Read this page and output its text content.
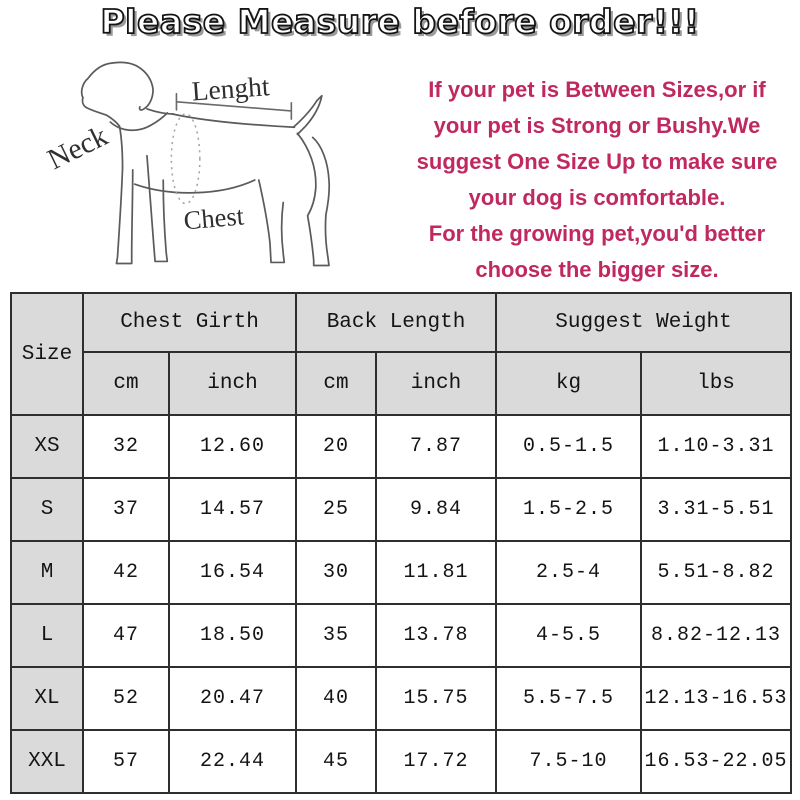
Please Measure before order!!!
Neck
Lenght
Chest
If your pet is Between Sizes,or if
your pet is Strong or Bushy.We
suggest One Size Up to make sure
your dog is comfortable.
For the growing pet,you'd better
choose the bigger size.
Size	Chest Girth		Back Length		Suggest Weight	
	cm	inch	cm	inch	kg	lbs
XS	32	12.60	20	7.87	0.5-1.5	1.10-3.31
S	37	14.57	25	9.84	1.5-2.5	3.31-5.51
M	42	16.54	30	11.81	2.5-4	5.51-8.82
L	47	18.50	35	13.78	4-5.5	8.82-12.13
XL	52	20.47	40	15.75	5.5-7.5	12.13-16.53
XXL	57	22.44	45	17.72	7.5-10	16.53-22.05
